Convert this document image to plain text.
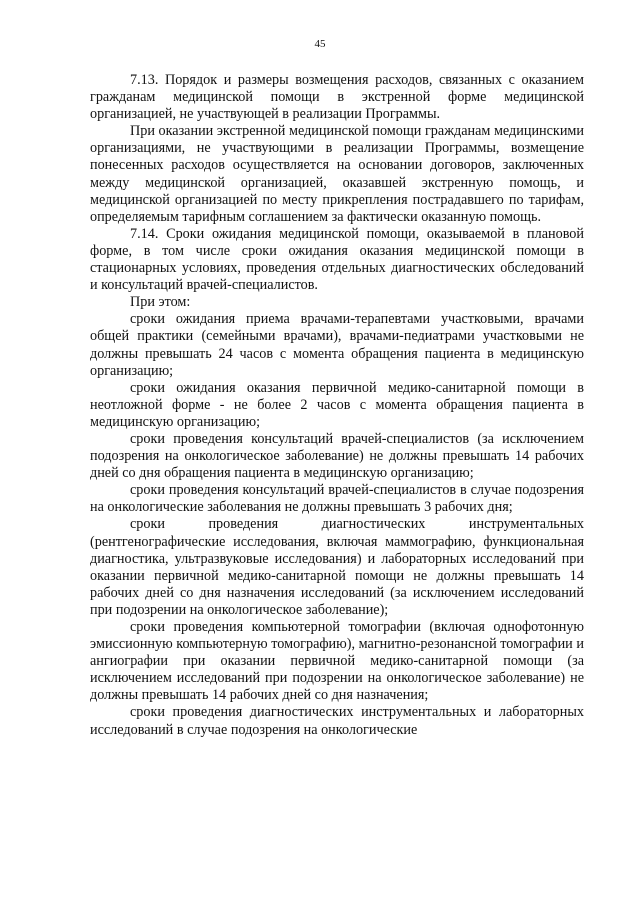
45

7.13. Порядок и размеры возмещения расходов, связанных с оказанием гражданам медицинской помощи в экстренной форме медицинской организацией, не участвующей в реализации Программы.

При оказании экстренной медицинской помощи гражданам медицинскими организациями, не участвующими в реализации Программы, возмещение понесенных расходов осуществляется на основании договоров, заключенных между медицинской организацией, оказавшей экстренную помощь, и медицинской организацией по месту прикрепления пострадавшего по тарифам, определяемым тарифным соглашением за фактически оказанную помощь.

7.14. Сроки ожидания медицинской помощи, оказываемой в плановой форме, в том числе сроки ожидания оказания медицинской помощи в стационарных условиях, проведения отдельных диагностических обследований и консультаций врачей-специалистов.

При этом:

сроки ожидания приема врачами-терапевтами участковыми, врачами общей практики (семейными врачами), врачами-педиатрами участковыми не должны превышать 24 часов с момента обращения пациента в медицинскую организацию;

сроки ожидания оказания первичной медико-санитарной помощи в неотложной форме - не более 2 часов с момента обращения пациента в медицинскую организацию;

сроки проведения консультаций врачей-специалистов (за исключением подозрения на онкологическое заболевание) не должны превышать 14 рабочих дней со дня обращения пациента в медицинскую организацию;

сроки проведения консультаций врачей-специалистов в случае подозрения на онкологические заболевания не должны превышать 3 рабочих дня;

сроки проведения диагностических инструментальных (рентгенографические исследования, включая маммографию, функциональная диагностика, ультразвуковые исследования) и лабораторных исследований при оказании первичной медико-санитарной помощи не должны превышать 14 рабочих дней со дня назначения исследований (за исключением исследований при подозрении на онкологическое заболевание);

сроки проведения компьютерной томографии (включая однофотонную эмиссионную компьютерную томографию), магнитно-резонансной томографии и ангиографии при оказании первичной медико-санитарной помощи (за исключением исследований при подозрении на онкологическое заболевание) не должны превышать 14 рабочих дней со дня назначения;

сроки проведения диагностических инструментальных и лабораторных исследований в случае подозрения на онкологические
